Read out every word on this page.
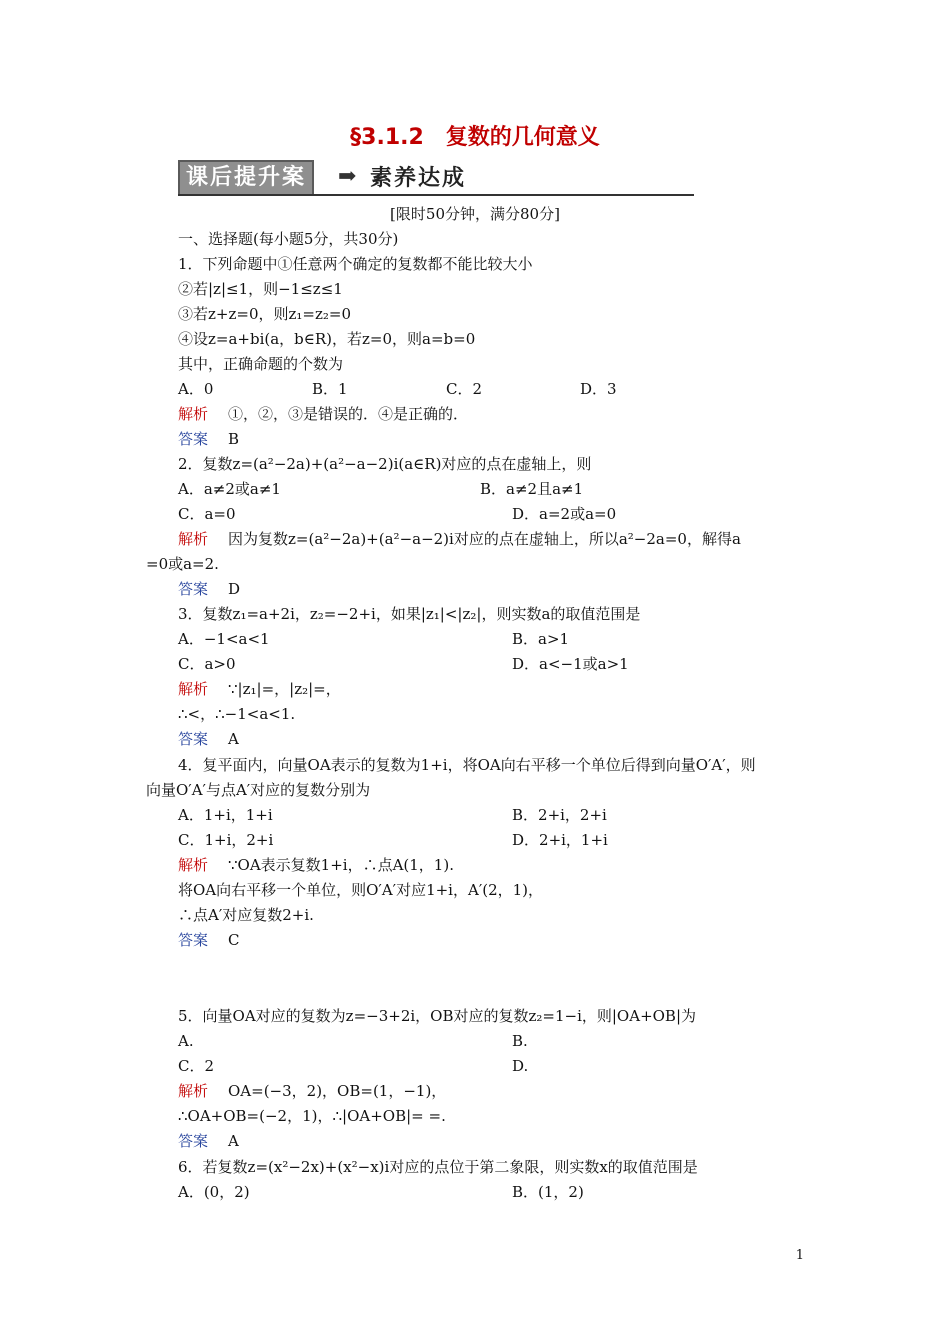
§3.1.2　复数的几何意义
课后提升案	➡ 素养达成
[限时50分钟，满分80分]
一、选择题(每小题5分，共30分)
1．下列命题中①任意两个确定的复数都不能比较大小
②若|z|≤1，则−1≤z≤1
③若z+z=0，则z₁=z₂=0
④设z=a+bi(a，b∈R)，若z=0，则a=b=0
其中，正确命题的个数为
A．0	B．1	C．2	D．3
解析 ①，②，③是错误的．④是正确的．
答案 B
2．复数z=(a²−2a)+(a²−a−2)i(a∈R)对应的点在虚轴上，则
A．a≠2或a≠1	B．a≠2且a≠1
C．a=0	D．a=2或a=0
解析 因为复数z=(a²−2a)+(a²−a−2)i对应的点在虚轴上，所以a²−2a=0，解得a
=0或a=2.
答案 D
3．复数z₁=a+2i，z₂=−2+i，如果|z₁|<|z₂|，则实数a的取值范围是
A．−1<a<1	B．a>1
C．a>0	D．a<−1或a>1
解析 ∵|z₁|=，|z₂|=，
∴<，∴−1<a<1.
答案 A
4．复平面内，向量OA表示的复数为1+i，将OA向右平移一个单位后得到向量O′A′，则
向量O′A′与点A′对应的复数分别为
A．1+i，1+i	B．2+i，2+i
C．1+i，2+i	D．2+i，1+i
解析 ∵OA表示复数1+i，∴点A(1，1).
将OA向右平移一个单位，则O′A′对应1+i，A′(2，1)，
∴点A′对应复数2+i.
答案 C
5．向量OA对应的复数为z=−3+2i，OB对应的复数z₂=1−i，则|OA+OB|为
A.	B.
C．2	D.
解析 OA=(−3，2)，OB=(1，−1)，
∴OA+OB=(−2，1)，∴|OA+OB|= =.
答案 A
6．若复数z=(x²−2x)+(x²−x)i对应的点位于第二象限，则实数x的取值范围是
A．(0，2)	B．(1，2)
1
